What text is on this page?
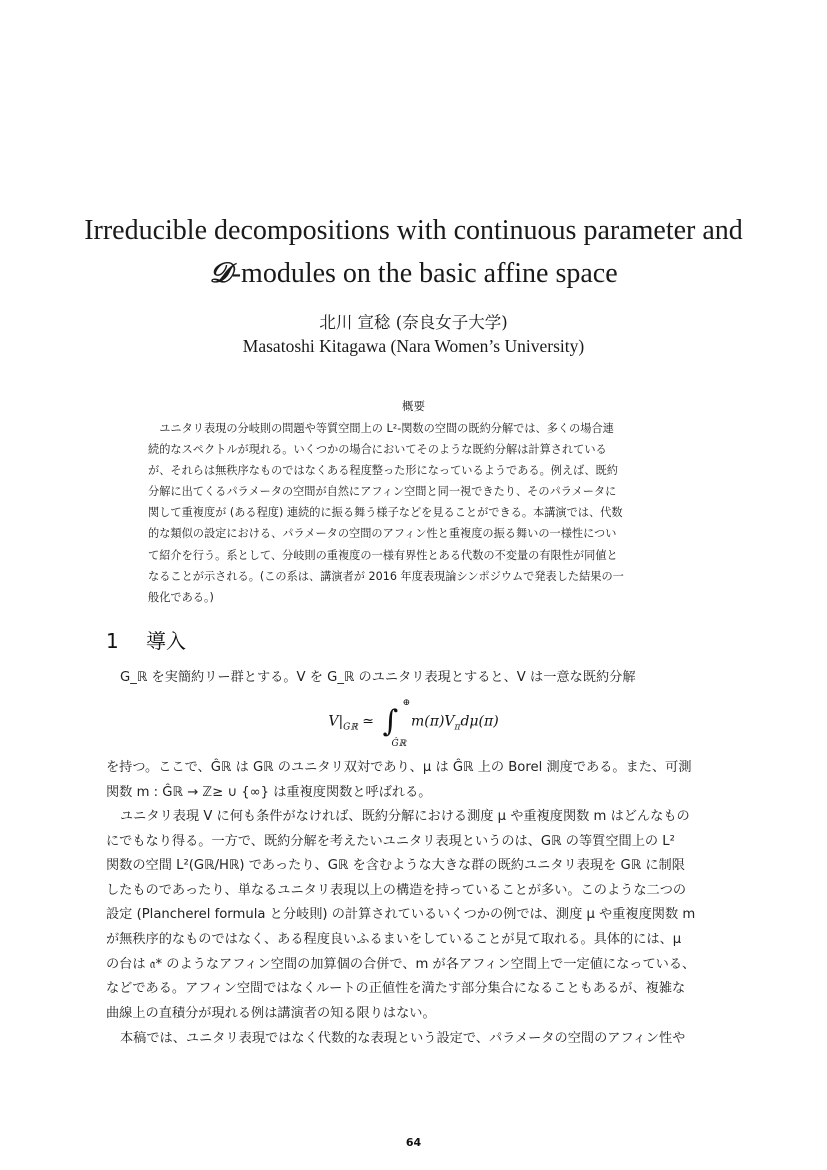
Irreducible decompositions with continuous parameter and
𝒟-modules on the basic affine space
北川 宣稔 (奈良女子大学)
Masatoshi Kitagawa (Nara Women’s University)
概要
　ユニタリ表現の分岐則の問題や等質空間上の L²-関数の空間の既約分解では、多くの場合連
続的なスペクトルが現れる。いくつかの場合においてそのような既約分解は計算されている
が、それらは無秩序なものではなくある程度整った形になっているようである。例えば、既約
分解に出てくるパラメータの空間が自然にアフィン空間と同一視できたり、そのパラメータに
関して重複度が (ある程度) 連続的に振る舞う様子などを見ることができる。本講演では、代数
的な類似の設定における、パラメータの空間のアフィン性と重複度の振る舞いの一様性につい
て紹介を行う。系として、分岐則の重複度の一様有界性とある代数の不変量の有限性が同値と
なることが示される。(この系は、講演者が 2016 年度表現論シンポジウムで発表した結果の一
般化である。)
1 導入
G_ℝ を実簡約リー群とする。V を G_ℝ のユニタリ表現とすると、V は一意な既約分解
$V|_{Gℝ}$ ≃ ∫
⊕
Ĝℝ
$m(\pi)V_\pi d\mu(\pi)$
を持つ。ここで、Ĝℝ は Gℝ のユニタリ双対であり、μ は Ĝℝ 上の Borel 測度である。また、可測
関数 m : Ĝℝ → ℤ≥ ∪ {∞} は重複度関数と呼ばれる。
ユニタリ表現 V に何も条件がなければ、既約分解における測度 μ や重複度関数 m はどんなもの
にでもなり得る。一方で、既約分解を考えたいユニタリ表現というのは、Gℝ の等質空間上の L²
関数の空間 L²(Gℝ/Hℝ) であったり、Gℝ を含むような大きな群の既約ユニタリ表現を Gℝ に制限
したものであったり、単なるユニタリ表現以上の構造を持っていることが多い。このような二つの
設定 (Plancherel formula と分岐則) の計算されているいくつかの例では、測度 μ や重複度関数 m
が無秩序的なものではなく、ある程度良いふるまいをしていることが見て取れる。具体的には、μ
の台は 𝔞* のようなアフィン空間の加算個の合併で、m が各アフィン空間上で一定値になっている、
などである。アフィン空間ではなくルートの正値性を満たす部分集合になることもあるが、複雑な
曲線上の直積分が現れる例は講演者の知る限りはない。
本稿では、ユニタリ表現ではなく代数的な表現という設定で、パラメータの空間のアフィン性や
64
